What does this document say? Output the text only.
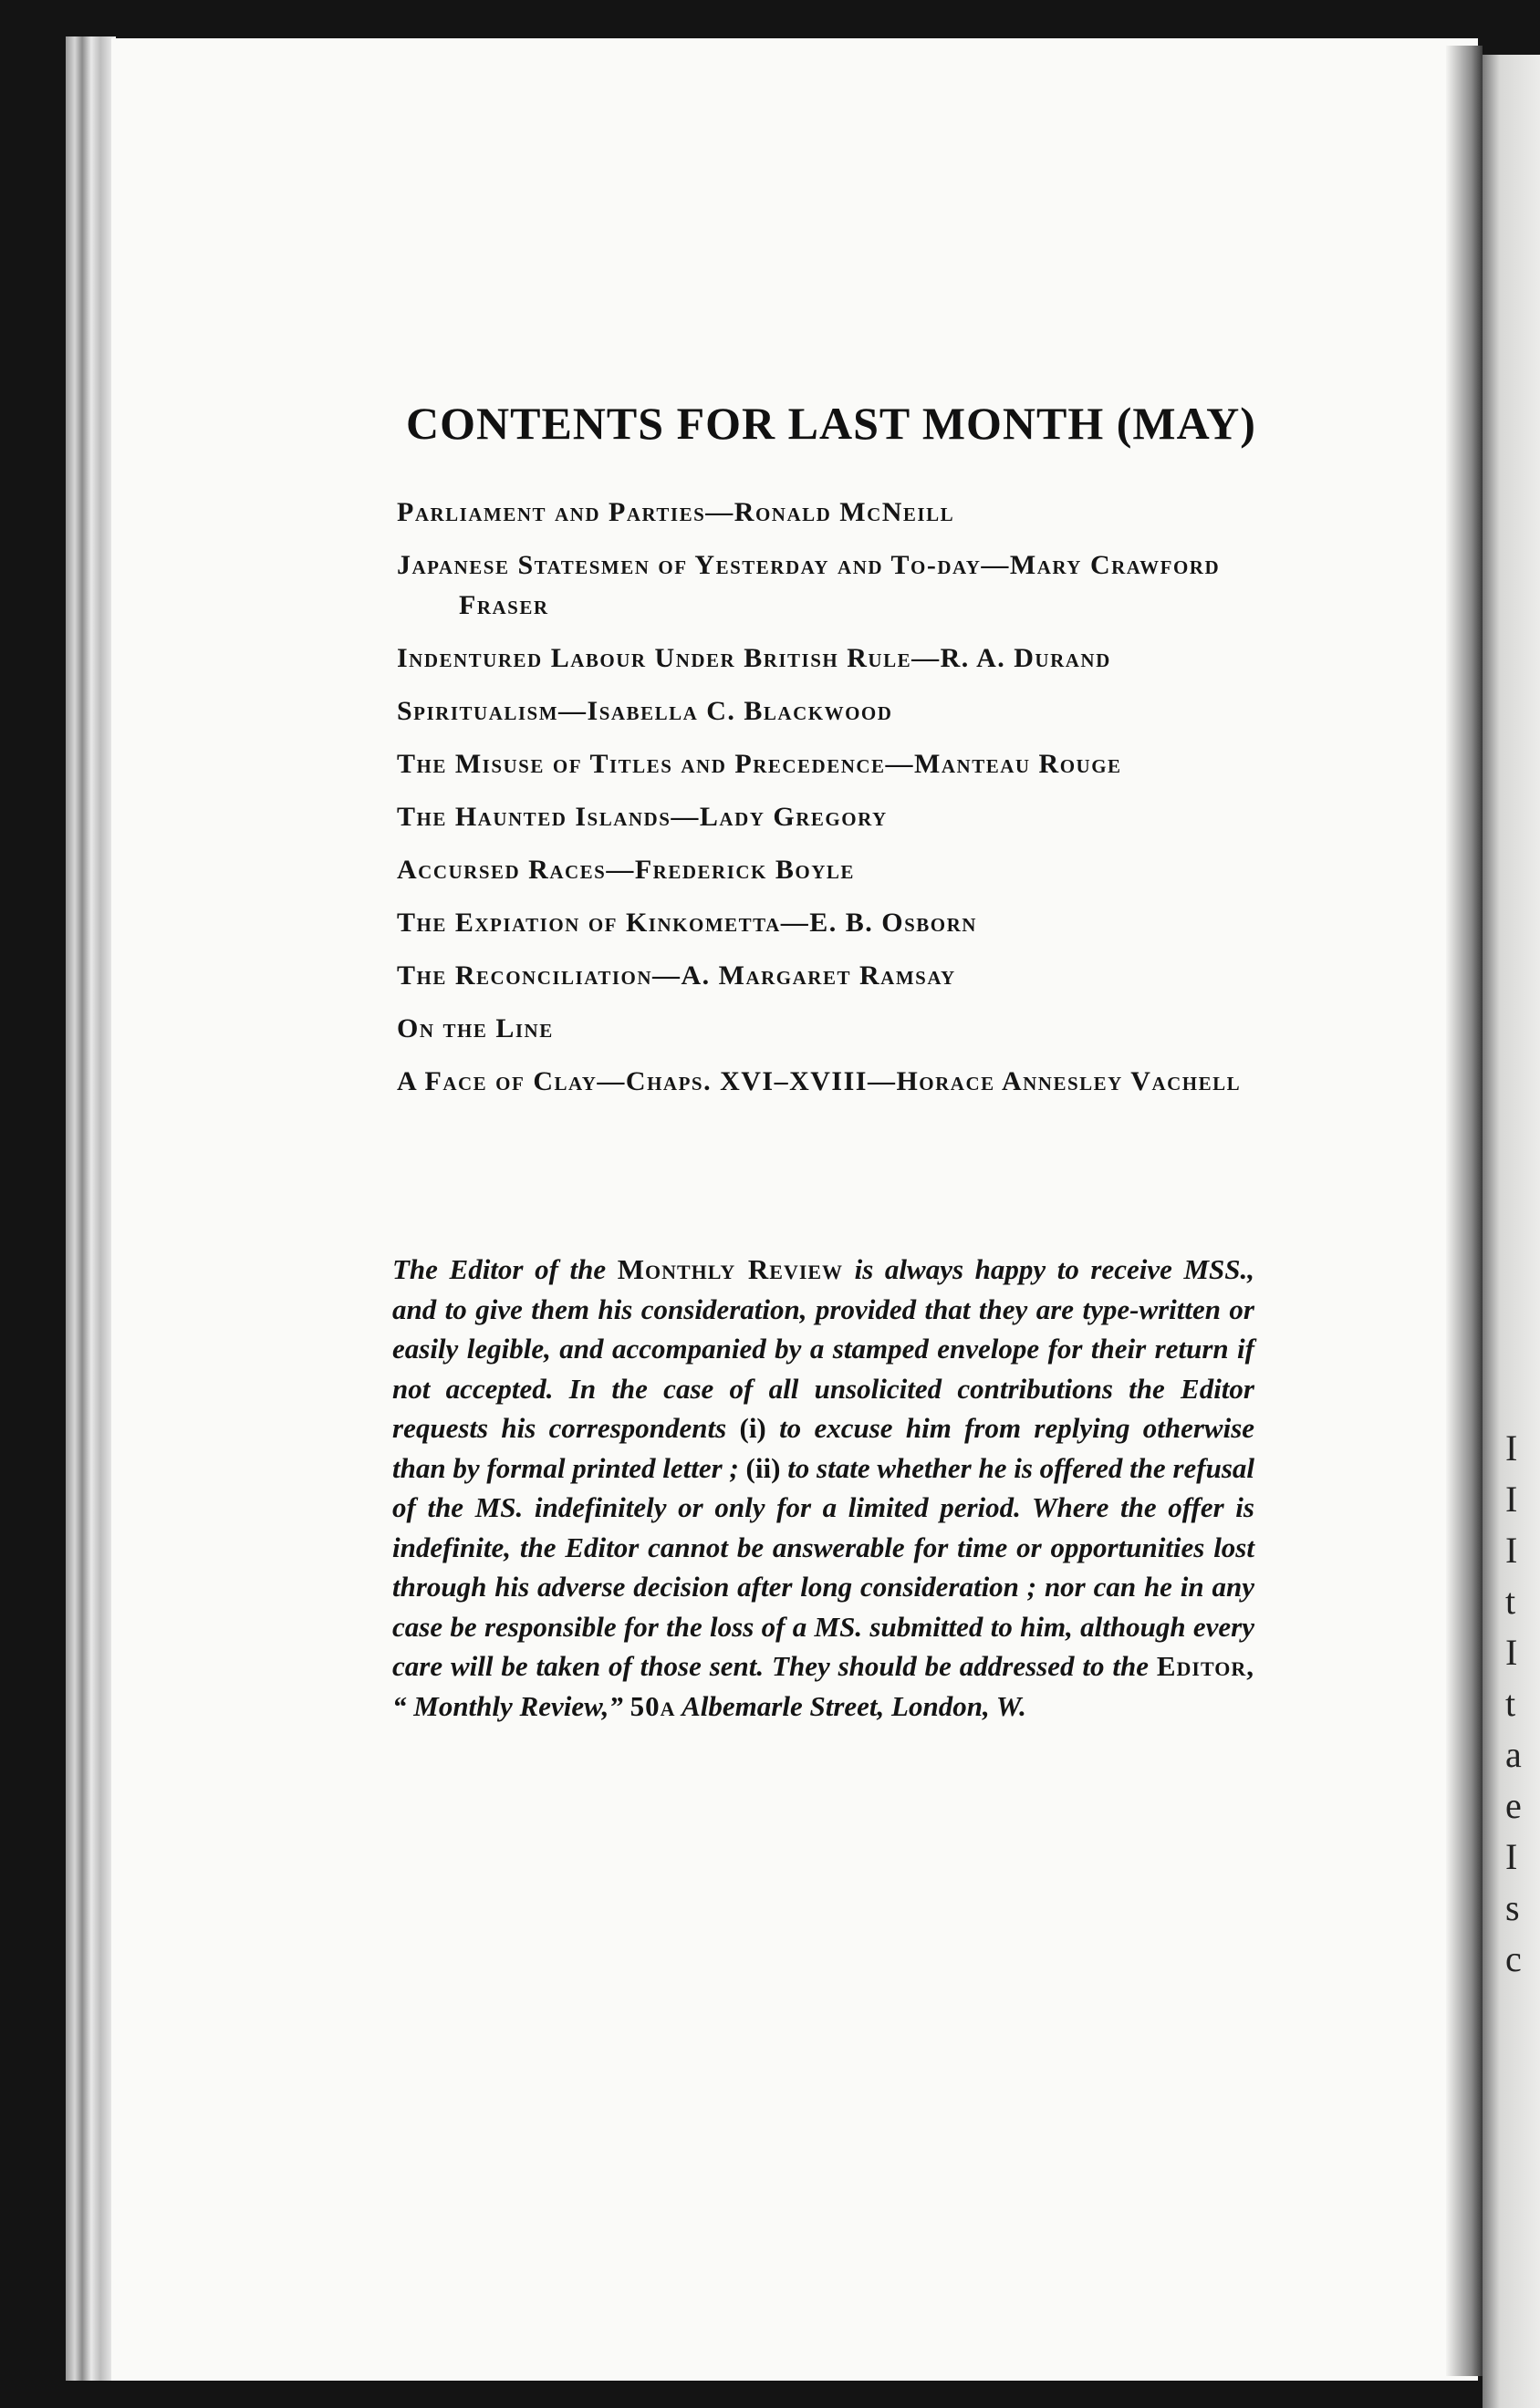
I
I
I
t
I
t
a
e
I
s
c
CONTENTS FOR LAST MONTH (MAY)
Parliament and Parties—Ronald McNeill
Japanese Statesmen of Yesterday and To-day—Mary Crawford Fraser
Indentured Labour Under British Rule—R. A. Durand
Spiritualism—Isabella C. Blackwood
The Misuse of Titles and Precedence—Manteau Rouge
The Haunted Islands—Lady Gregory
Accursed Races—Frederick Boyle
The Expiation of Kinkometta—E. B. Osborn
The Reconciliation—A. Margaret Ramsay
On the Line
A Face of Clay—Chaps. XVI–XVIII—Horace Annesley Vachell
The Editor of the Monthly Review is always happy to receive MSS., and to give them his consideration, provided that they are type-written or easily legible, and accompanied by a stamped envelope for their return if not accepted. In the case of all unsolicited contributions the Editor requests his correspondents (i) to excuse him from replying otherwise than by formal printed letter ; (ii) to state whether he is offered the refusal of the MS. indefinitely or only for a limited period. Where the offer is indefinite, the Editor cannot be answerable for time or opportunities lost through his adverse decision after long consideration ; nor can he in any case be responsible for the loss of a MS. submitted to him, although every care will be taken of those sent. They should be addressed to the Editor, “ Monthly Review,” 50a Albemarle Street, London, W.
